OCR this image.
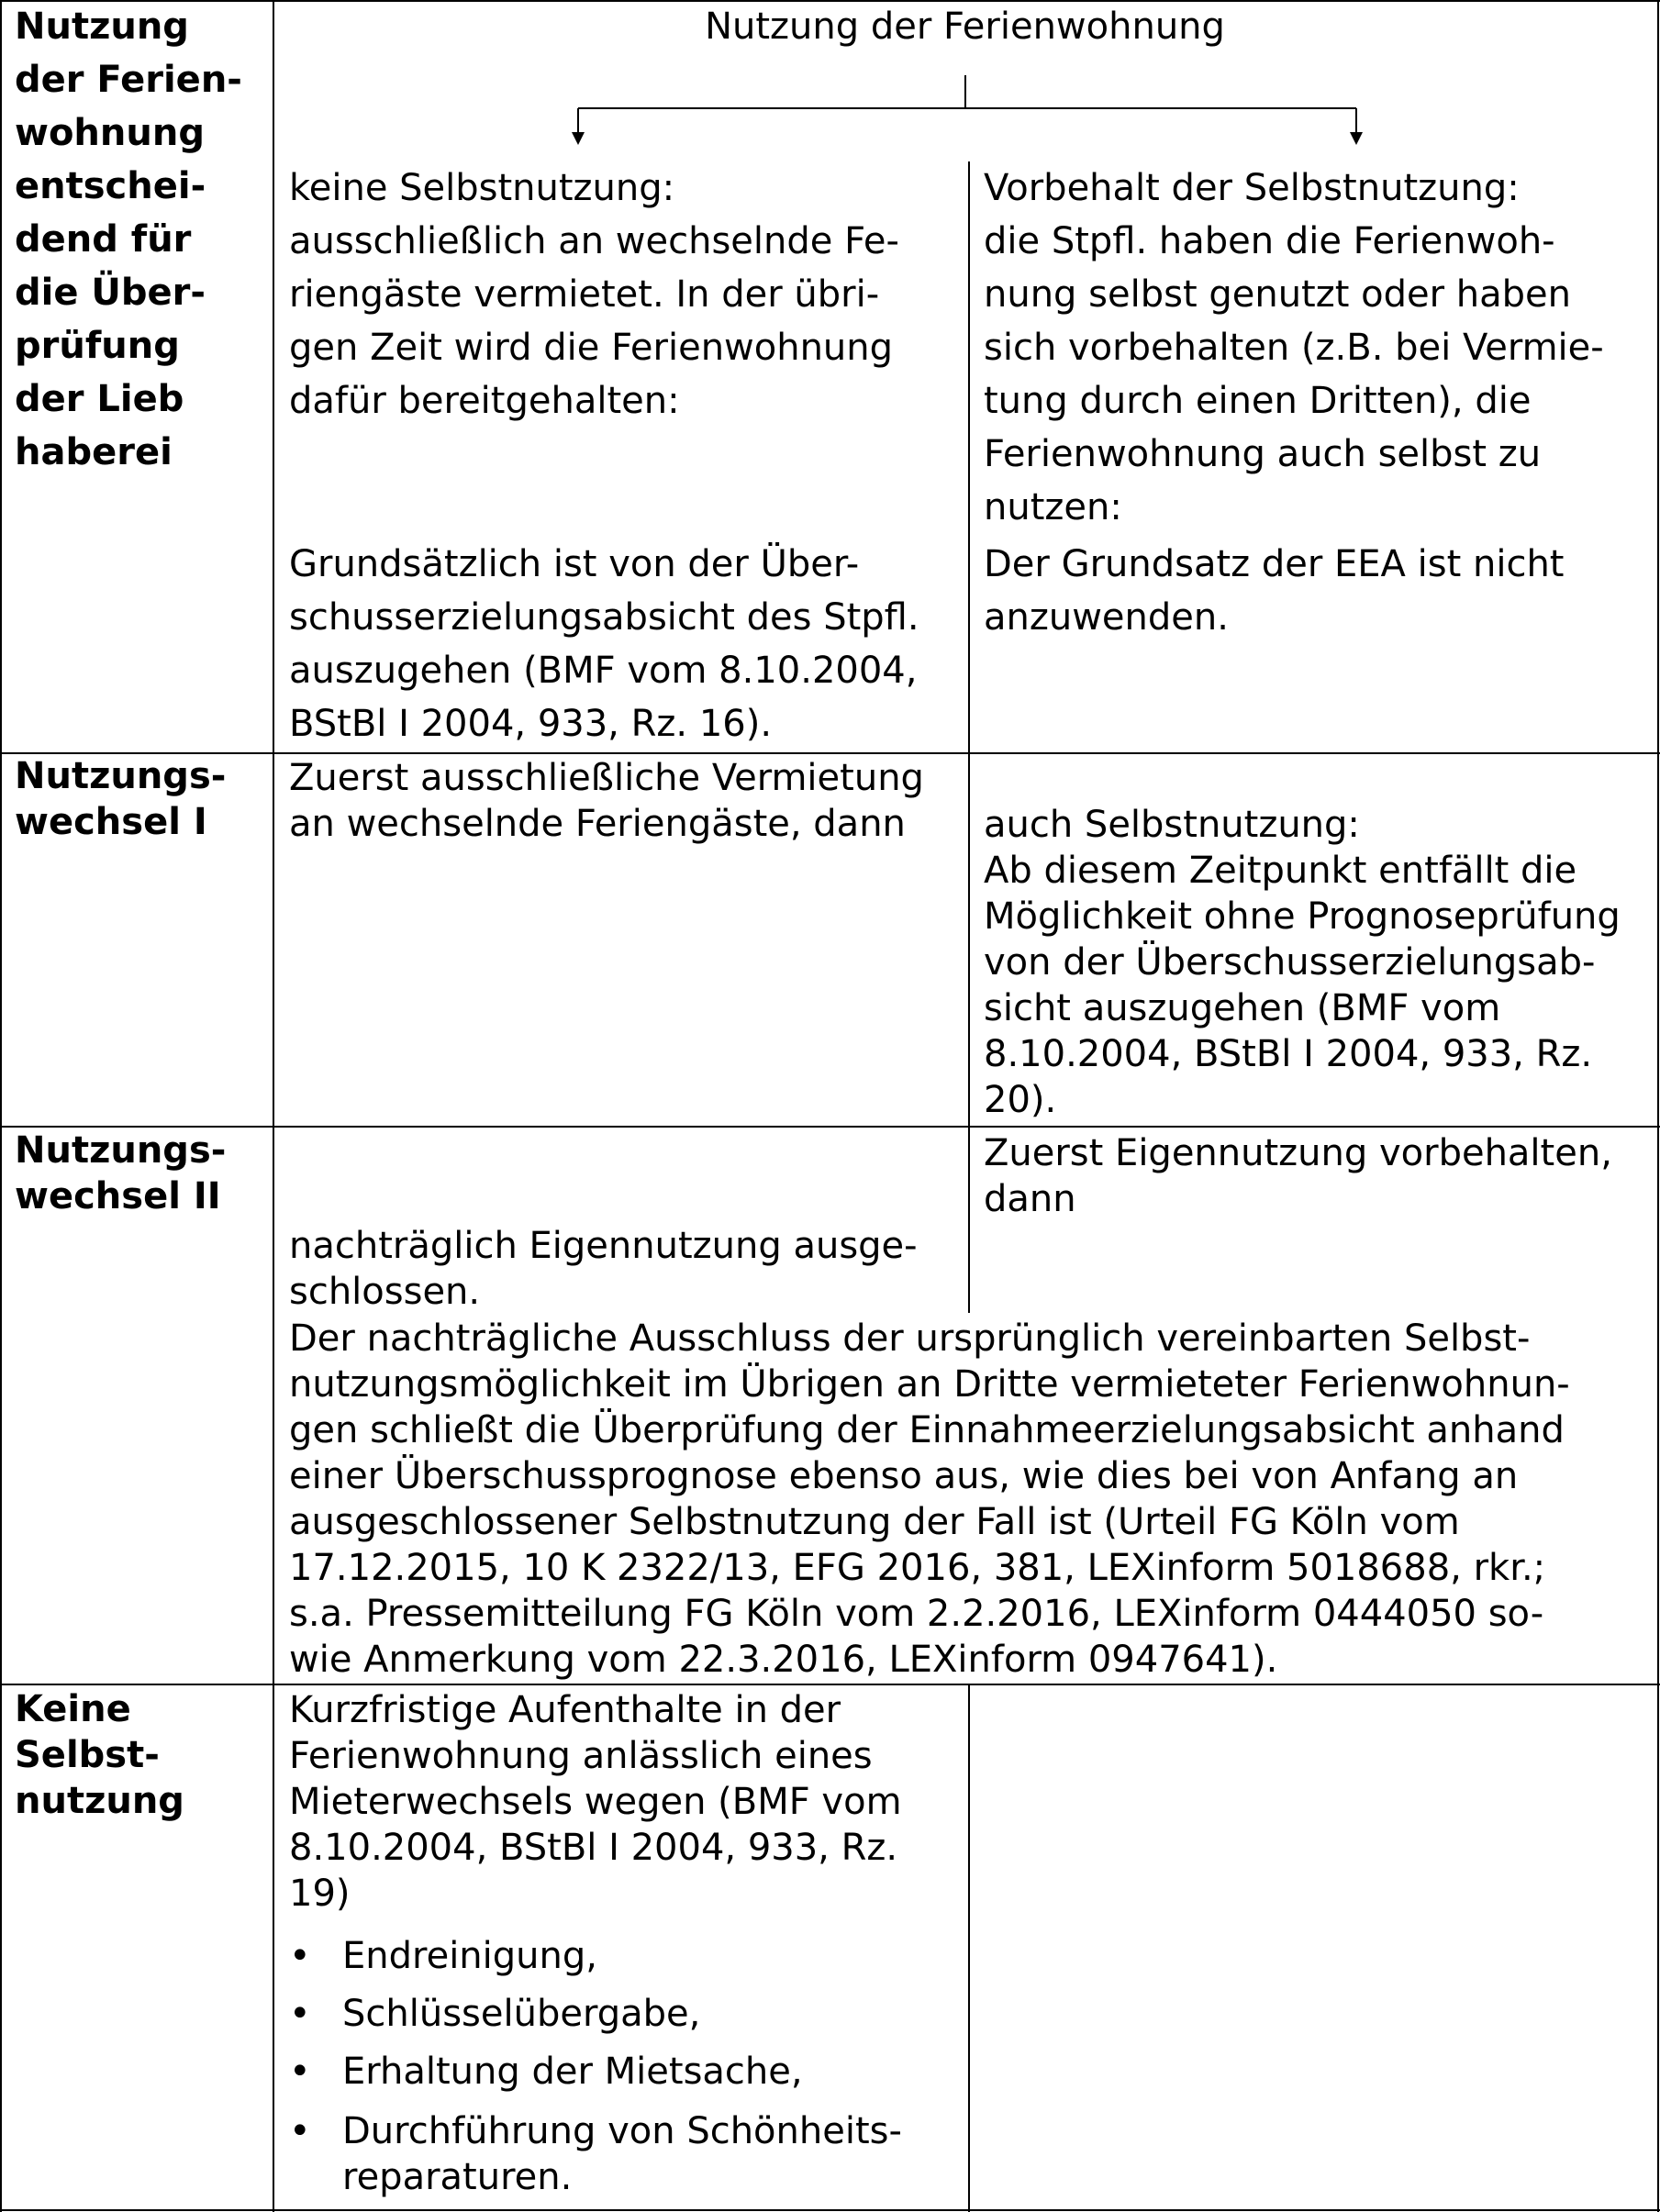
Nutzung
der Ferien-
wohnung
entschei-
dend für
die Über-
prüfung
der Lieb
haberei
Nutzungs-
wechsel I
Nutzungs-
wechsel II
Keine
Selbst-
nutzung
Nutzung der Ferienwohnung
keine Selbstnutzung:
ausschließlich an wechselnde Fe-
riengäste vermietet. In der übri-
gen Zeit wird die Ferienwohnung
dafür bereitgehalten:
Grundsätzlich ist von der Über-
schusserzielungsabsicht des Stpfl.
auszugehen (BMF vom 8.10.2004,
BStBl I 2004, 933, Rz. 16).
Vorbehalt der Selbstnutzung:
die Stpfl. haben die Ferienwoh-
nung selbst genutzt oder haben
sich vorbehalten (z.B. bei Vermie-
tung durch einen Dritten), die
Ferienwohnung auch selbst zu
nutzen:
Der Grundsatz der EEA ist nicht
anzuwenden.
Zuerst ausschließliche Vermietung
an wechselnde Feriengäste, dann	auch Selbstnutzung:
Ab diesem Zeitpunkt entfällt die
Möglichkeit ohne Prognoseprüfung
von der Überschusserzielungsab-
sicht auszugehen (BMF vom
8.10.2004, BStBl I 2004, 933, Rz.
20).
Zuerst Eigennutzung vorbehalten,
dann
nachträglich Eigennutzung ausge-
schlossen.
Der nachträgliche Ausschluss der ursprünglich vereinbarten Selbst-
nutzungsmöglichkeit im Übrigen an Dritte vermieteter Ferienwohnun-
gen schließt die Überprüfung der Einnahmeerzielungsabsicht anhand
einer Überschussprognose ebenso aus, wie dies bei von Anfang an
ausgeschlossener Selbstnutzung der Fall ist (Urteil FG Köln vom
17.12.2015, 10 K 2322/13, EFG 2016, 381, LEXinform 5018688, rkr.;
s.a. Pressemitteilung FG Köln vom 2.2.2016, LEXinform 0444050 so-
wie Anmerkung vom 22.3.2016, LEXinform 0947641).
Kurzfristige Aufenthalte in der
Ferienwohnung anlässlich eines
Mieterwechsels wegen (BMF vom
8.10.2004, BStBl I 2004, 933, Rz.
19)
• Endreinigung,
• Schlüsselübergabe,
• Erhaltung der Mietsache,
• Durchführung von Schönheits-
reparaturen.
